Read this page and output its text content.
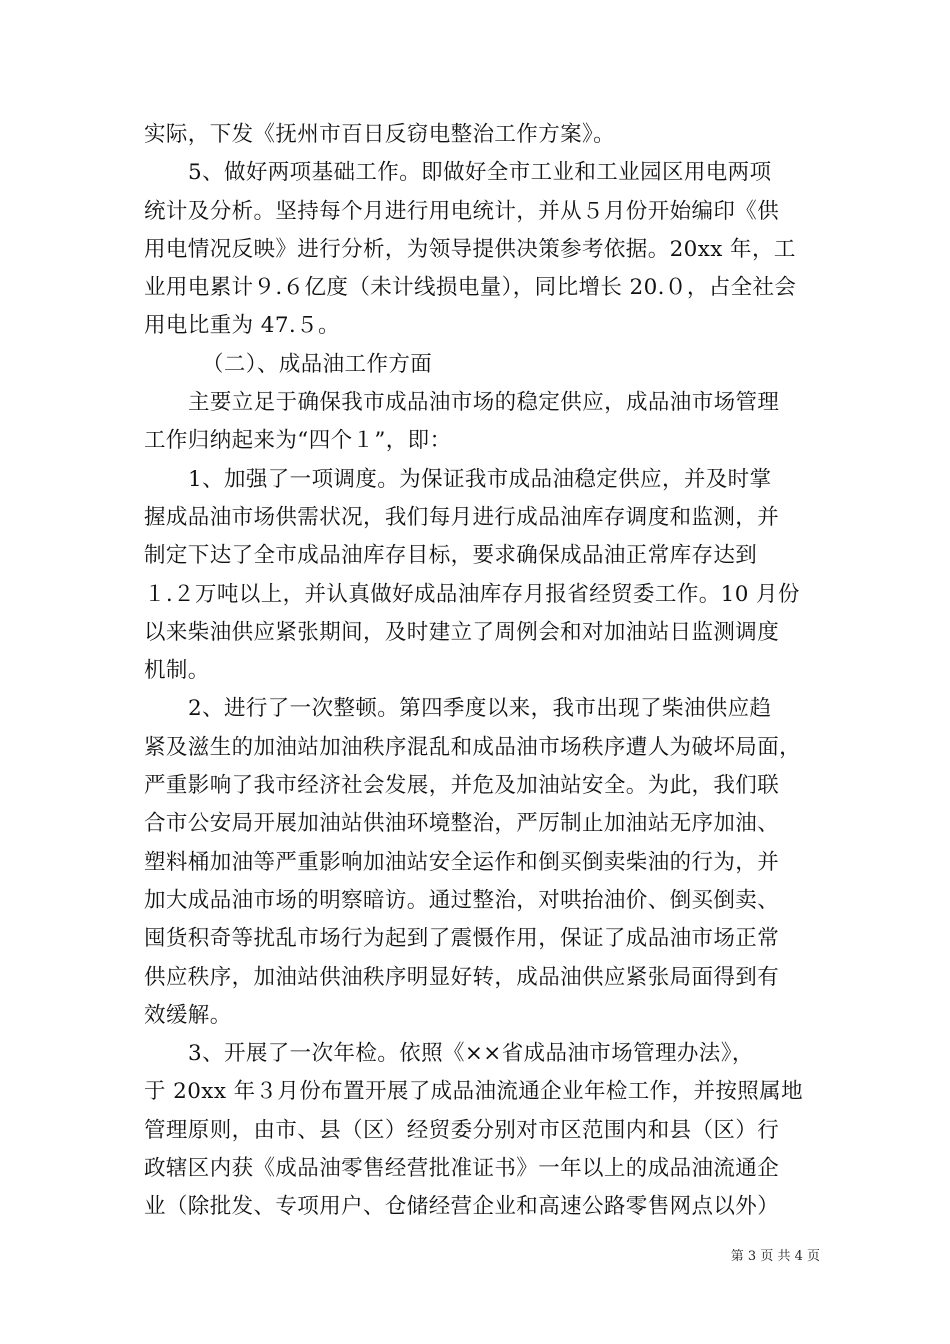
实际，下发《抚州市百日反窃电整治工作方案》。
5、做好两项基础工作。即做好全市工业和工业园区用电两项
统计及分析。坚持每个月进行用电统计，并从５月份开始编印《供
用电情况反映》进行分析，为领导提供决策参考依据。20xx 年，工
业用电累计９.６亿度（未计线损电量），同比增长 20.０，占全社会
用电比重为 47.５。
（二）、成品油工作方面
主要立足于确保我市成品油市场的稳定供应，成品油市场管理
工作归纳起来为“四个１”，即：
1、加强了一项调度。为保证我市成品油稳定供应，并及时掌
握成品油市场供需状况，我们每月进行成品油库存调度和监测，并
制定下达了全市成品油库存目标，要求确保成品油正常库存达到
１.２万吨以上，并认真做好成品油库存月报省经贸委工作。10 月份
以来柴油供应紧张期间，及时建立了周例会和对加油站日监测调度
机制。
2、进行了一次整顿。第四季度以来，我市出现了柴油供应趋
紧及滋生的加油站加油秩序混乱和成品油市场秩序遭人为破坏局面，
严重影响了我市经济社会发展，并危及加油站安全。为此，我们联
合市公安局开展加油站供油环境整治，严厉制止加油站无序加油、
塑料桶加油等严重影响加油站安全运作和倒买倒卖柴油的行为，并
加大成品油市场的明察暗访。通过整治，对哄抬油价、倒买倒卖、
囤货积奇等扰乱市场行为起到了震慑作用，保证了成品油市场正常
供应秩序，加油站供油秩序明显好转，成品油供应紧张局面得到有
效缓解。
3、开展了一次年检。依照《××省成品油市场管理办法》，
于 20xx 年３月份布置开展了成品油流通企业年检工作，并按照属地
管理原则，由市、县（区）经贸委分别对市区范围内和县（区）行
政辖区内获《成品油零售经营批准证书》一年以上的成品油流通企
业（除批发、专项用户、仓储经营企业和高速公路零售网点以外）
第 3 页 共 4 页
